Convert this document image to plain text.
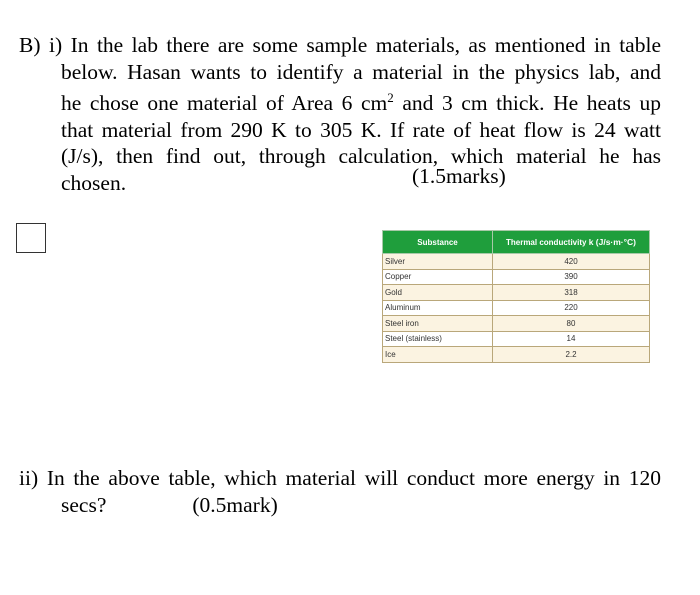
B) i) In the lab there are some sample materials, as mentioned in table
below. Hasan wants to identify a material in the physics lab, and
he chose one material of Area 6 $cm^2$ and 3 cm thick. He heats up
that material from 290 K to 305 K. If rate of heat flow is 24 watt
(J/s), then find out, through calculation, which material he has
chosen.	(1.5marks)
Substance	Thermal conductivity k (J/s·m·°C)
Silver	420
Copper	390
Gold	318
Aluminum	220
Steel iron	80
Steel (stainless)	14
Ice	2.2
ii) In the above table, which material will conduct more energy in 120
secs?	(0.5mark)
